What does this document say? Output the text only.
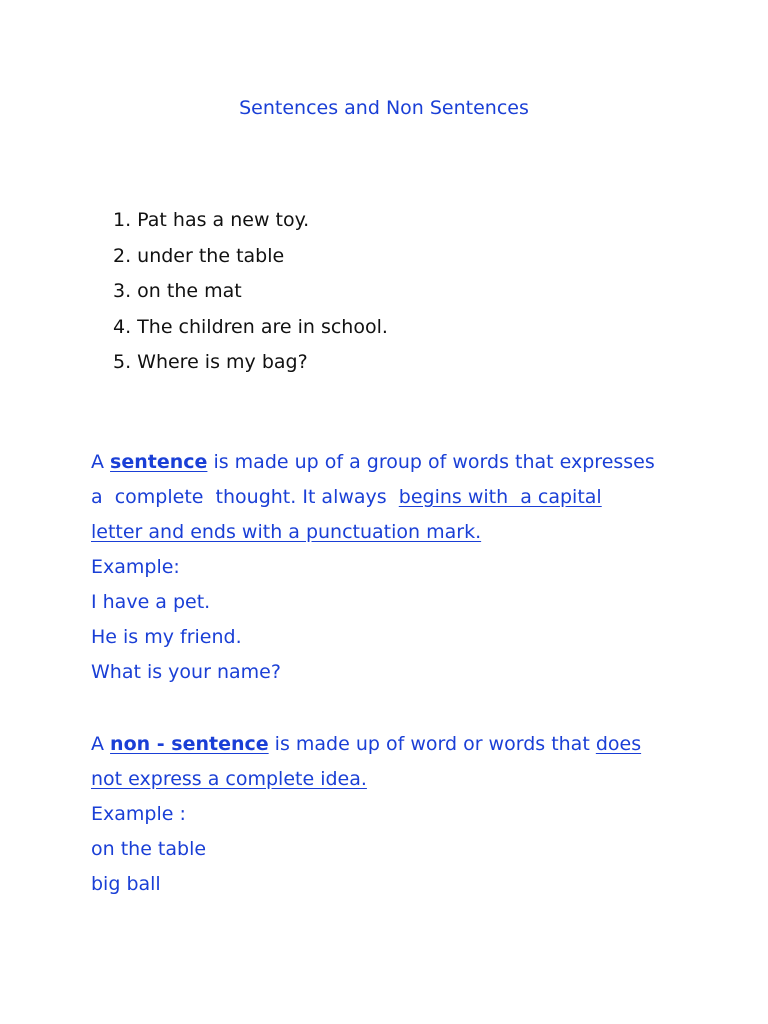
Sentences and Non Sentences
1. Pat has a new toy.
2. under the table
3. on the mat
4. The children are in school.
5. Where is my bag?
A sentence is made up of a group of words that expresses
a  complete  thought. It always  begins with  a capital
letter and ends with a punctuation mark.
Example:
I have a pet.
He is my friend.
What is your name?
A non - sentence is made up of word or words that does
not express a complete idea.
Example :
on the table
big ball
